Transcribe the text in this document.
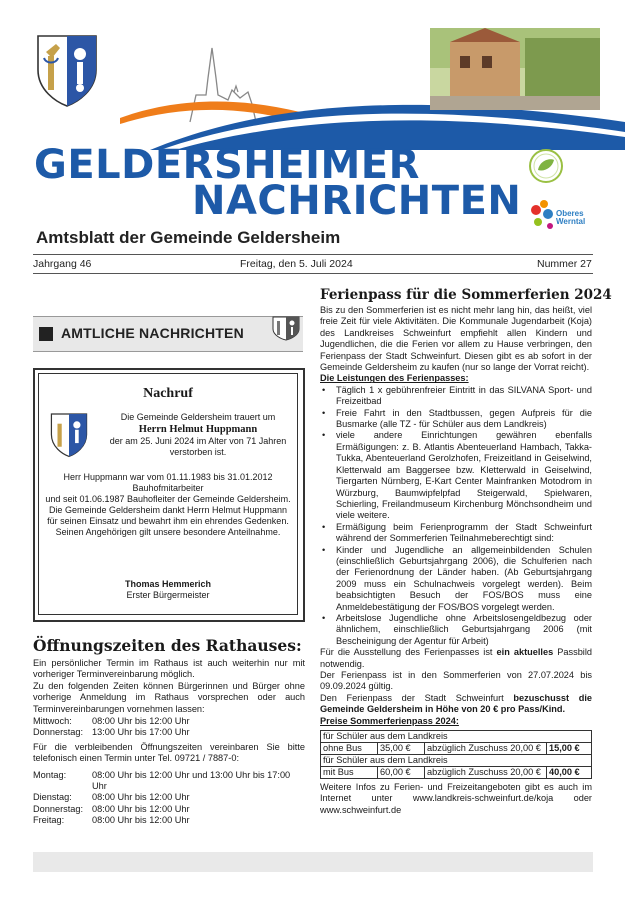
GELDERSHEIMER
NACHRICHTEN
Amtsblatt der Gemeinde Geldersheim
Oberes
Werntal
Jahrgang 46	Freitag, den 5. Juli 2024	Nummer 27
AMTLICHE NACHRICHTEN
Nachruf
Die Gemeinde Geldersheim trauert um
Herrn Helmut Huppmann
der am 25. Juni 2024 im Alter von 71 Jahren verstorben ist.
Herr Huppmann war vom 01.11.1983 bis 31.01.2012 Bauhofmitarbeiter
und seit 01.06.1987 Bauhofleiter der Gemeinde Geldersheim.
Die Gemeinde Geldersheim dankt Herrn Helmut Huppmann
für seinen Einsatz und bewahrt ihm ein ehrendes Gedenken.
Seinen Angehörigen gilt unsere besondere Anteilnahme.
Thomas Hemmerich
Erster Bürgermeister
Öffnungszeiten des Rathauses:
Ein persönlicher Termin im Rathaus ist auch weiterhin nur mit vorheriger Terminvereinbarung möglich.
Zu den folgenden Zeiten können Bürgerinnen und Bürger ohne vorherige Anmeldung im Rathaus vorsprechen oder auch Terminvereinbarungen vornehmen lassen:
Mittwoch:	08:00 Uhr bis 12:00 Uhr
Donnerstag: 13:00 Uhr bis 17:00 Uhr
Für die verbleibenden Öffnungszeiten vereinbaren Sie bitte telefonisch einen Termin unter Tel. 09721 / 7887-0:
Montag:	08:00 Uhr bis 12:00 Uhr und 13:00 Uhr bis 17:00 Uhr
Dienstag:	08:00 Uhr bis 12:00 Uhr
Donnerstag: 08:00 Uhr bis 12:00 Uhr
Freitag:	08:00 Uhr bis 12:00 Uhr
Ferienpass für die Sommerferien 2024
Bis zu den Sommerferien ist es nicht mehr lang hin, das heißt, viel freie Zeit für viele Aktivitäten. Die Kommunale Jugendarbeit (Koja) des Landkreises Schweinfurt empfiehlt allen Kindern und Jugendlichen, die die Ferien vor allem zu Hause verbringen, den Ferienpass der Stadt Schweinfurt. Diesen gibt es ab sofort in der Gemeinde Geldersheim zu kaufen (nur so lange der Vorrat reicht).
Die Leistungen des Ferienpasses:
• Täglich 1 x gebührenfreier Eintritt in das SILVANA Sport- und Freizeitbad
• Freie Fahrt in den Stadtbussen, gegen Aufpreis für die Busmarke (alle TZ - für Schüler aus dem Landkreis)
• viele andere Einrichtungen gewähren ebenfalls Ermäßigungen: z. B. Atlantis Abenteuerland Hambach, Takka-Tukka, Abenteuerland Gerolzhofen, Freizeitland in Geiselwind, Kletterwald am Baggersee bzw. Kletterwald in Geiselwind, Tiergarten Nürnberg, E-Kart Center Mainfranken Motodrom in Würzburg, Baumwipfelpfad Steigerwald, Spielwaren, Schierling, Freilandmuseum Kirchenburg Mönchsondheim und viele weitere.
• Ermäßigung beim Ferienprogramm der Stadt Schweinfurt während der Sommerferien Teilnahmeberechtigt sind:
• Kinder und Jugendliche an allgemeinbildenden Schulen (einschließlich Geburtsjahrgang 2006), die Schulferien nach der Ferienordnung der Länder haben. (Ab Geburtsjahrgang 2009 muss ein Schulnachweis vorgelegt werden). Beim beabsichtigten Besuch der FOS/BOS muss eine Anmeldebestätigung der FOS/BOS vorgelegt werden.
• Arbeitslose Jugendliche ohne Arbeitslosengeldbezug oder ähnlichem, einschließlich Geburtsjahrgang 2006 (mit Bescheinigung der Agentur für Arbeit)
Für die Ausstellung des Ferienpasses ist ein aktuelles Passbild notwendig.
Der Ferienpass ist in den Sommerferien von 27.07.2024 bis 09.09.2024 gültig.
Den Ferienpass der Stadt Schweinfurt bezuschusst die Gemeinde Geldersheim in Höhe von 20 € pro Pass/Kind.
Preise Sommerferienpass 2024:
für Schüler aus dem Landkreis			
ohne Bus	35,00 €	abzüglich Zuschuss 20,00 €	15,00 €
für Schüler aus dem Landkreis			
mit Bus	60,00 €	abzüglich Zuschuss 20,00 €	40,00 €
Weitere Infos zu Ferien- und Freizeitangeboten gibt es auch im Internet unter www.landkreis-schweinfurt.de/koja oder www.schweinfurt.de
